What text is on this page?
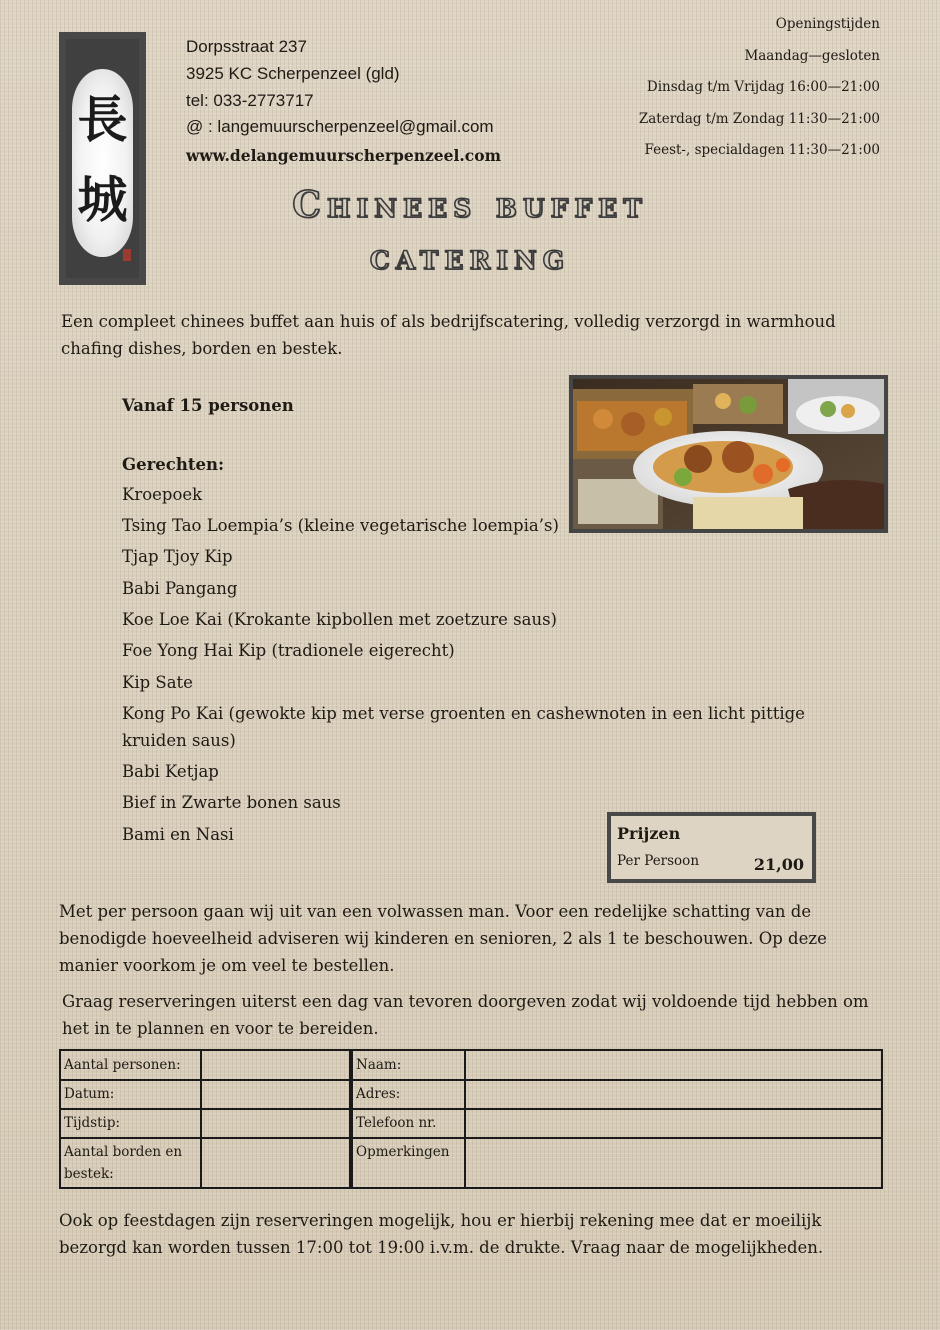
長
城
Dorpsstraat 237
3925 KC Scherpenzeel (gld)
tel: 033-2773717
@ : langemuurscherpenzeel@gmail.com
www.delangemuurscherpenzeel.com
Openingstijden
Maandag—gesloten
Dinsdag t/m Vrijdag 16:00—21:00
Zaterdag t/m Zondag 11:30—21:00
Feest-, specialdagen 11:30—21:00
Chinees buffet
catering
Een compleet chinees buffet aan huis of als bedrijfscatering, volledig verzorgd in warmhoud chafing dishes, borden en bestek.
Vanaf 15 personen
Gerechten:
Kroepoek
Tsing Tao Loempia’s (kleine vegetarische loempia’s)
Tjap Tjoy Kip
Babi Pangang
Koe Loe Kai (Krokante kipbollen met zoetzure saus)
Foe Yong Hai Kip (tradionele eigerecht)
Kip Sate
Kong Po Kai (gewokte kip met verse groenten en cashewnoten in een licht pittige
kruiden saus)
Babi Ketjap
Bief in Zwarte bonen saus
Bami en Nasi	Prijzen
Per Persoon	21,00
Met per persoon gaan wij uit van een volwassen man. Voor een redelijke schatting van de benodigde hoeveelheid adviseren wij kinderen en senioren, 2 als 1 te beschouwen. Op deze manier voorkom je om veel te bestellen.
Graag reserveringen uiterst een dag van tevoren doorgeven zodat wij voldoende tijd hebben om het in te plannen en voor te bereiden.
Aantal personen:
Datum:
Tijdstip:
Aantal borden en bestek:
Naam:
Adres:
Telefoon nr.
Opmerkingen
Ook op feestdagen zijn reserveringen mogelijk, hou er hierbij rekening mee dat er moeilijk bezorgd kan worden tussen 17:00 tot 19:00 i.v.m. de drukte. Vraag naar de mogelijkheden.
